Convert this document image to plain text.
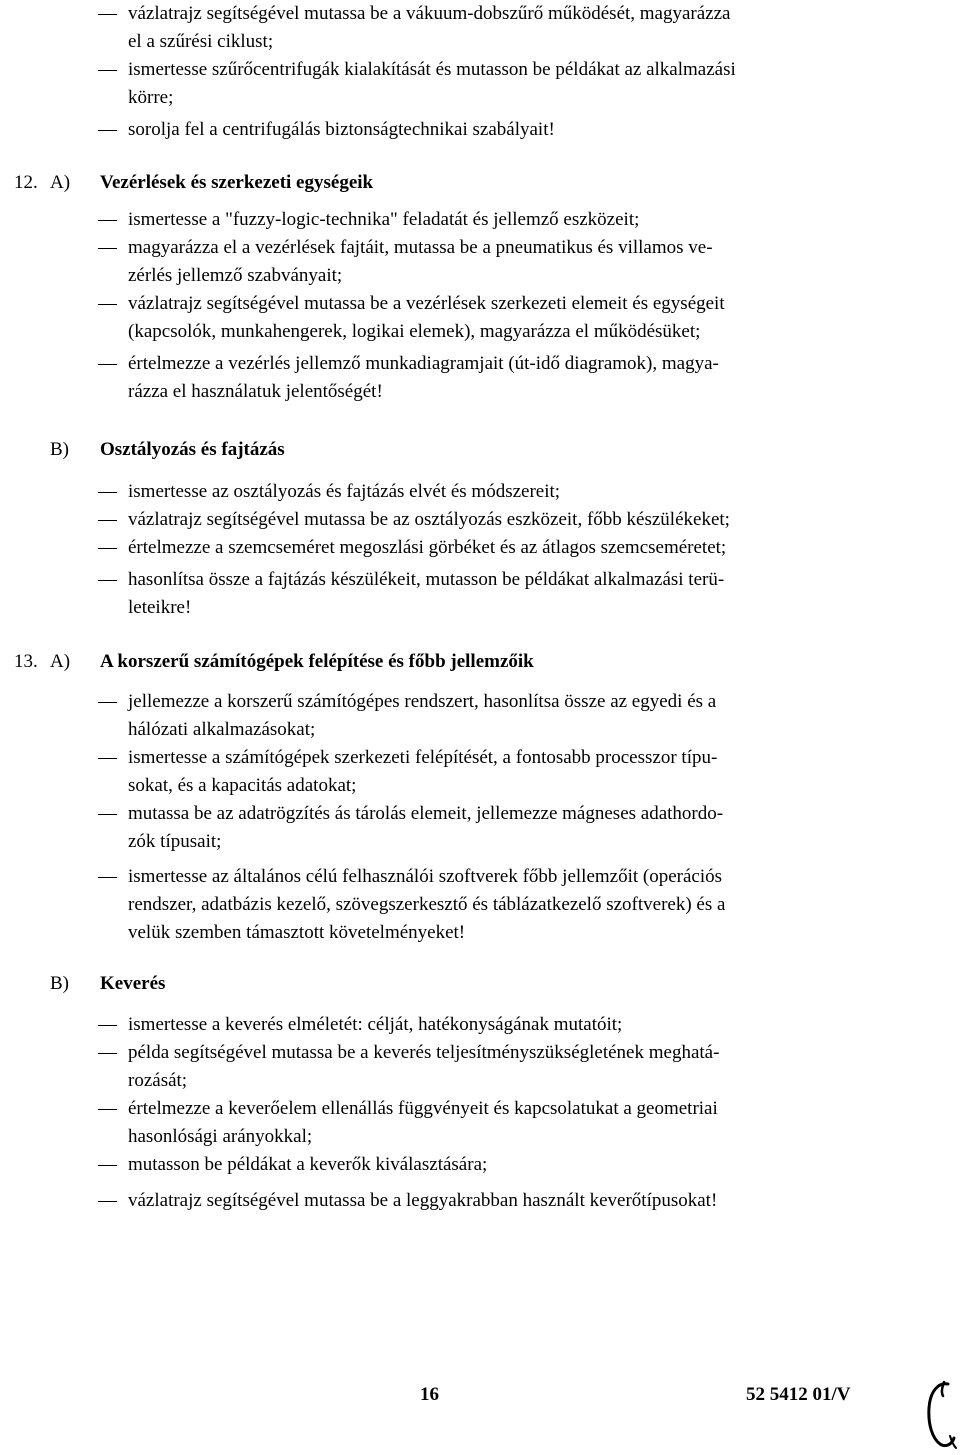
vázlatrajz segítségével mutassa be a vákuum-dobszűrő működését, magyarázza
el a szűrési ciklust;
ismertesse szűrőcentrifugák kialakítását és mutasson be példákat az alkalmazási
körre;
sorolja fel a centrifugálás biztonságtechnikai szabályait!
12. A) Vezérlések és szerkezeti egységeik
ismertesse a "fuzzy-logic-technika" feladatát és jellemző eszközeit;
magyarázza el a vezérlések fajtáit, mutassa be a pneumatikus és villamos ve-
zérlés jellemző szabványait;
vázlatrajz segítségével mutassa be a vezérlések szerkezeti elemeit és egységeit
(kapcsolók, munkahengerek, logikai elemek), magyarázza el működésüket;
értelmezze a vezérlés jellemző munkadiagramjait (út-idő diagramok), magya-
rázza el használatuk jelentőségét!
B) Osztályozás és fajtázás
ismertesse az osztályozás és fajtázás elvét és módszereit;
vázlatrajz segítségével mutassa be az osztályozás eszközeit, főbb készülékeket;
értelmezze a szemcseméret megoszlási görbéket és az átlagos szemcseméretet;
hasonlítsa össze a fajtázás készülékeit, mutasson be példákat alkalmazási terü-
leteikre!
13. A) A korszerű számítógépek felépítése és főbb jellemzőik
jellemezze a korszerű számítógépes rendszert, hasonlítsa össze az egyedi és a
hálózati alkalmazásokat;
ismertesse a számítógépek szerkezeti felépítését, a fontosabb processzor típu-
sokat, és a kapacitás adatokat;
mutassa be az adatrögzítés ás tárolás elemeit, jellemezze mágneses adathordo-
zók típusait;
ismertesse az általános célú felhasználói szoftverek főbb jellemzőit (operációs
rendszer, adatbázis kezelő, szövegszerkesztő és táblázatkezelő szoftverek) és a
velük szemben támasztott követelményeket!
B) Keverés
ismertesse a keverés elméletét: célját, hatékonyságának mutatóit;
példa segítségével mutassa be a keverés teljesítményszükségletének meghatá-
rozását;
értelmezze a keverőelem ellenállás függvényeit és kapcsolatukat a geometriai
hasonlósági arányokkal;
mutasson be példákat a keverők kiválasztására;
vázlatrajz segítségével mutassa be a leggyakrabban használt keverőtípusokat!
16	52 5412 01/V
